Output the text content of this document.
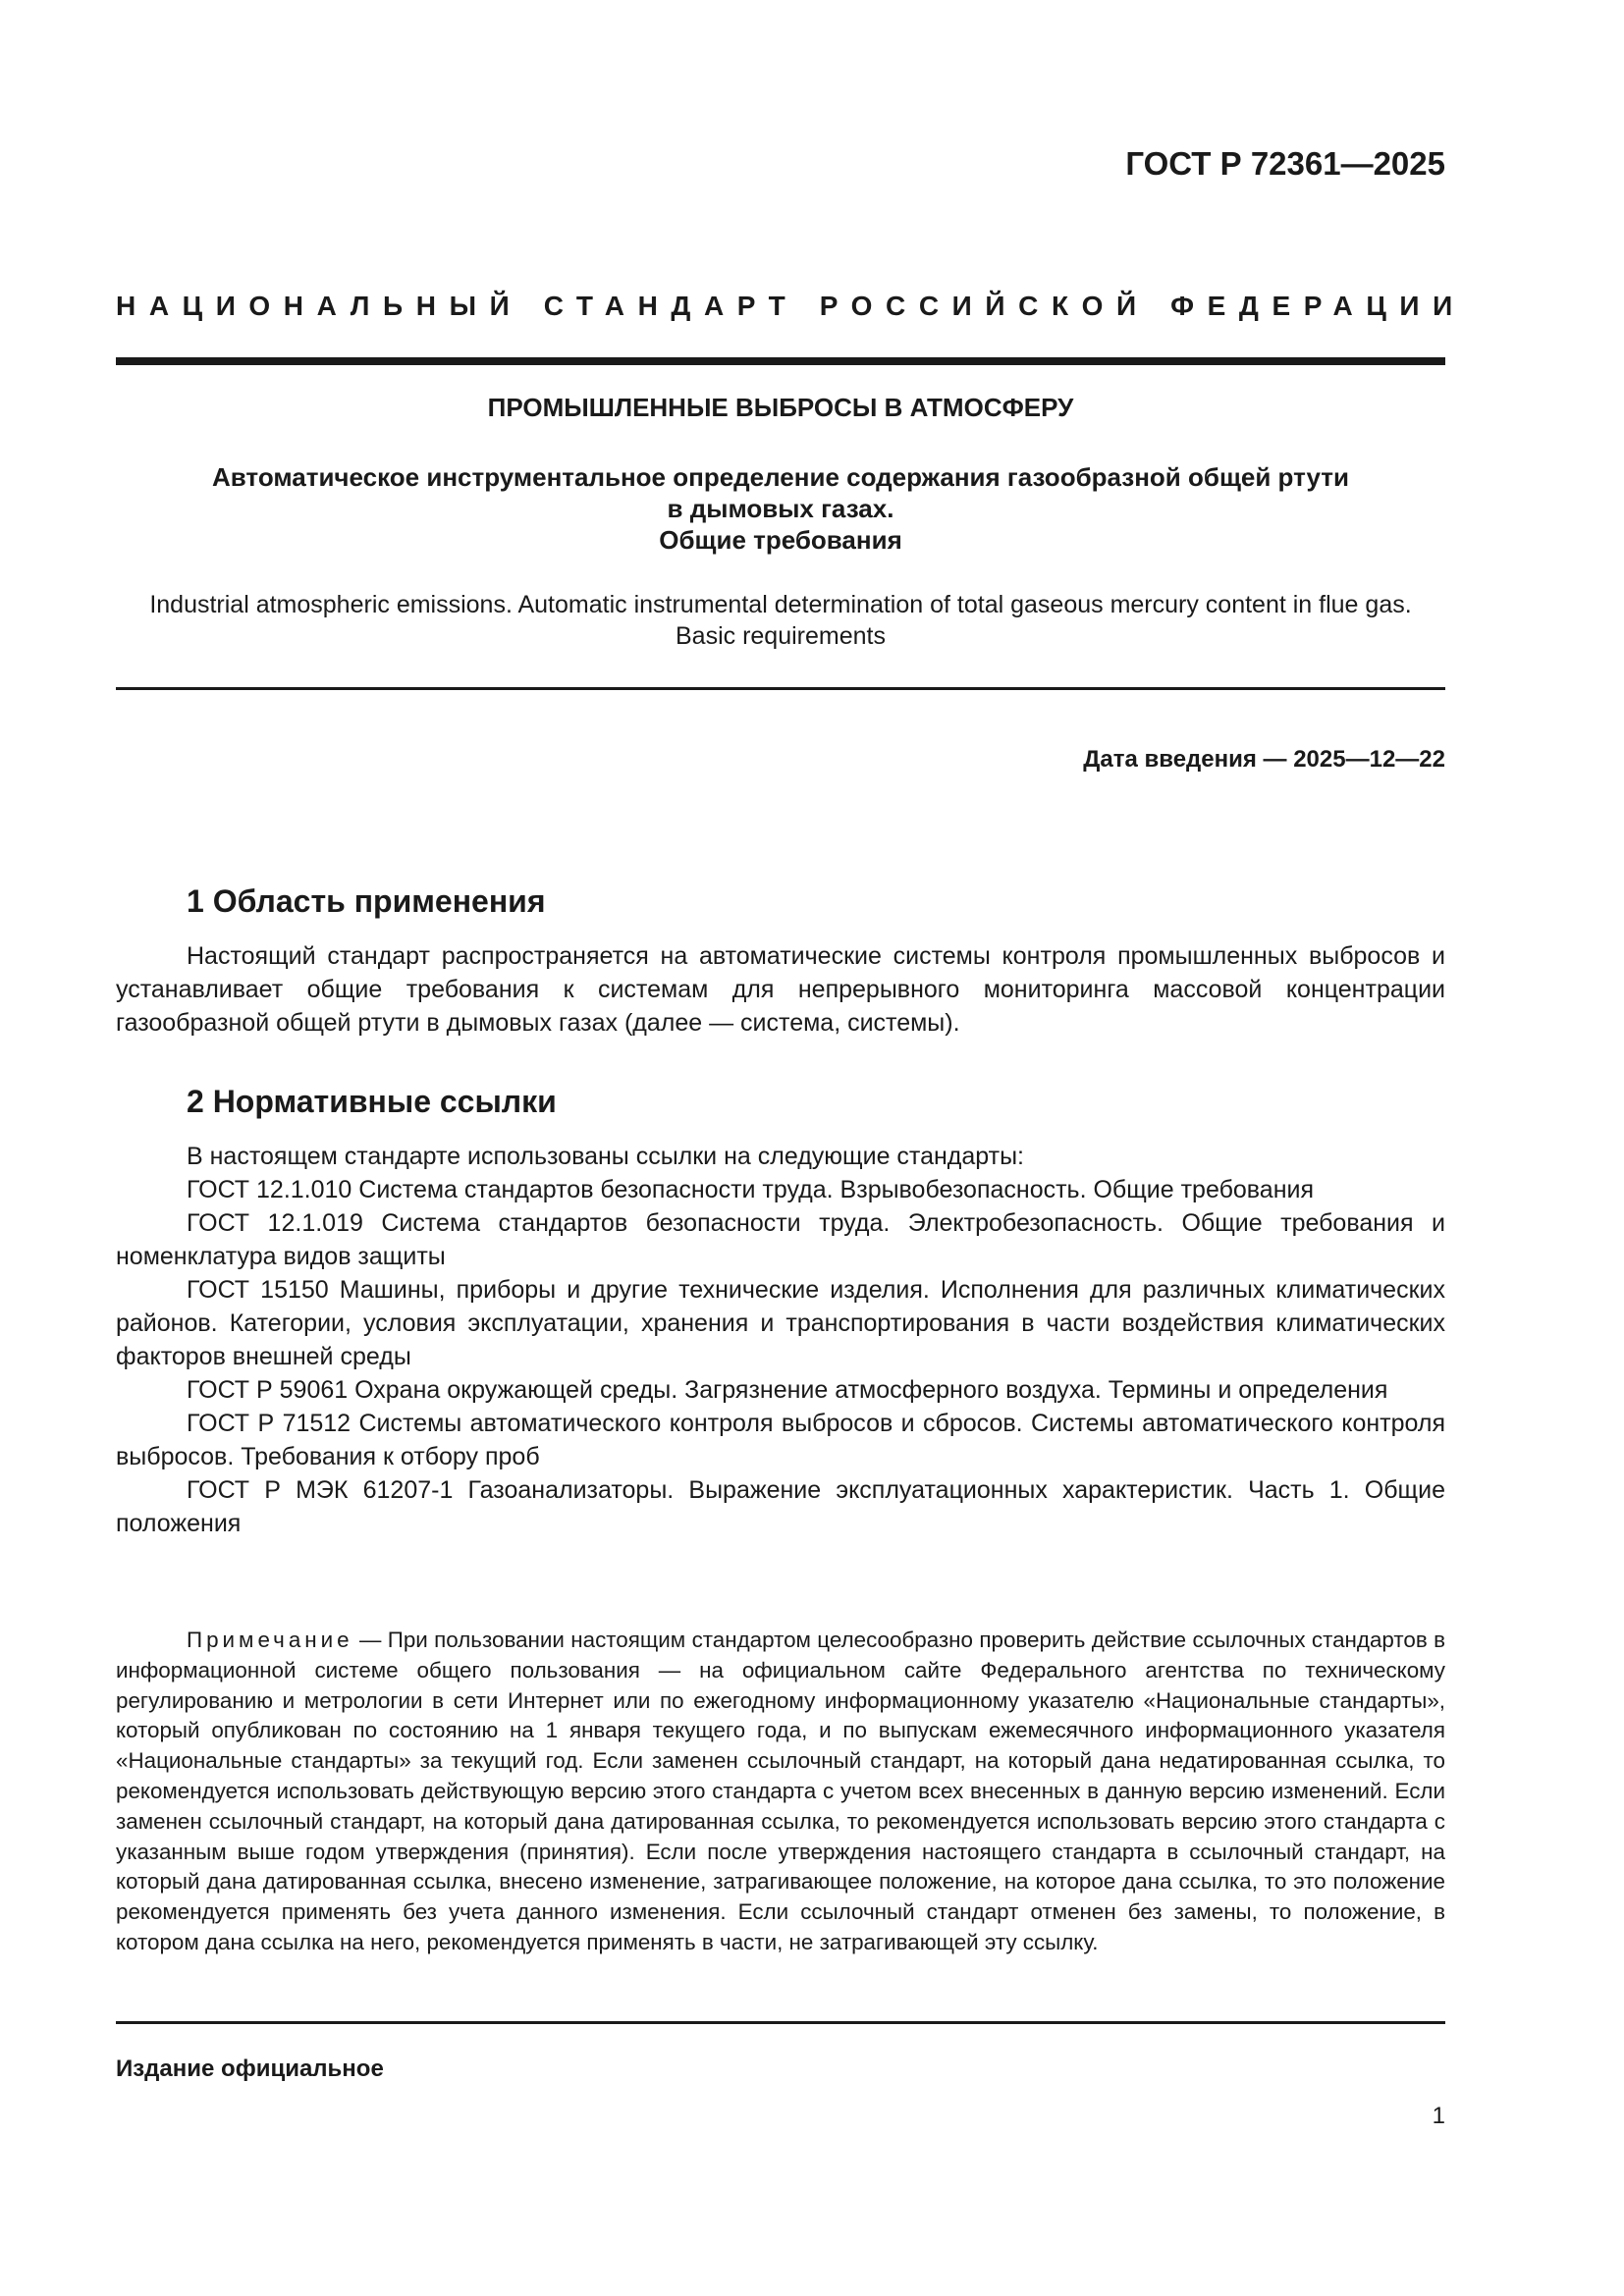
ГОСТ Р 72361—2025
НАЦИОНАЛЬНЫЙ СТАНДАРТ РОССИЙСКОЙ ФЕДЕРАЦИИ
ПРОМЫШЛЕННЫЕ ВЫБРОСЫ В АТМОСФЕРУ
Автоматическое инструментальное определение содержания газообразной общей ртути
в дымовых газах.
Общие требования
Industrial atmospheric emissions. Automatic instrumental determination of total gaseous mercury content in flue gas.
Basic requirements
Дата введения — 2025—12—22
1 Область применения

Настоящий стандарт распространяется на автоматические системы контроля промышленных выбросов и устанавливает общие требования к системам для непрерывного мониторинга массовой концентрации газообразной общей ртути в дымовых газах (далее — система, системы).

2 Нормативные ссылки

В настоящем стандарте использованы ссылки на следующие стандарты:

ГОСТ 12.1.010 Система стандартов безопасности труда. Взрывобезопасность. Общие требования

ГОСТ 12.1.019 Система стандартов безопасности труда. Электробезопасность. Общие требования и номенклатура видов защиты

ГОСТ 15150 Машины, приборы и другие технические изделия. Исполнения для различных климатических районов. Категории, условия эксплуатации, хранения и транспортирования в части воздействия климатических факторов внешней среды

ГОСТ Р 59061 Охрана окружающей среды. Загрязнение атмосферного воздуха. Термины и определения

ГОСТ Р 71512 Системы автоматического контроля выбросов и сбросов. Системы автоматического контроля выбросов. Требования к отбору проб

ГОСТ Р МЭК 61207-1 Газоанализаторы. Выражение эксплуатационных характеристик. Часть 1. Общие положения

Примечание — При пользовании настоящим стандартом целесообразно проверить действие ссылочных стандартов в информационной системе общего пользования — на официальном сайте Федерального агентства по техническому регулированию и метрологии в сети Интернет или по ежегодному информационному указателю «Национальные стандарты», который опубликован по состоянию на 1 января текущего года, и по выпускам ежемесячного информационного указателя «Национальные стандарты» за текущий год. Если заменен ссылочный стандарт, на который дана недатированная ссылка, то рекомендуется использовать действующую версию этого стандарта с учетом всех внесенных в данную версию изменений. Если заменен ссылочный стандарт, на который дана датированная ссылка, то рекомендуется использовать версию этого стандарта с указанным выше годом утверждения (принятия). Если после утверждения настоящего стандарта в ссылочный стандарт, на который дана датированная ссылка, внесено изменение, затрагивающее положение, на которое дана ссылка, то это положение рекомендуется применять без учета данного изменения. Если ссылочный стандарт отменен без замены, то положение, в котором дана ссылка на него, рекомендуется применять в части, не затрагивающей эту ссылку.
Издание официальное
1
